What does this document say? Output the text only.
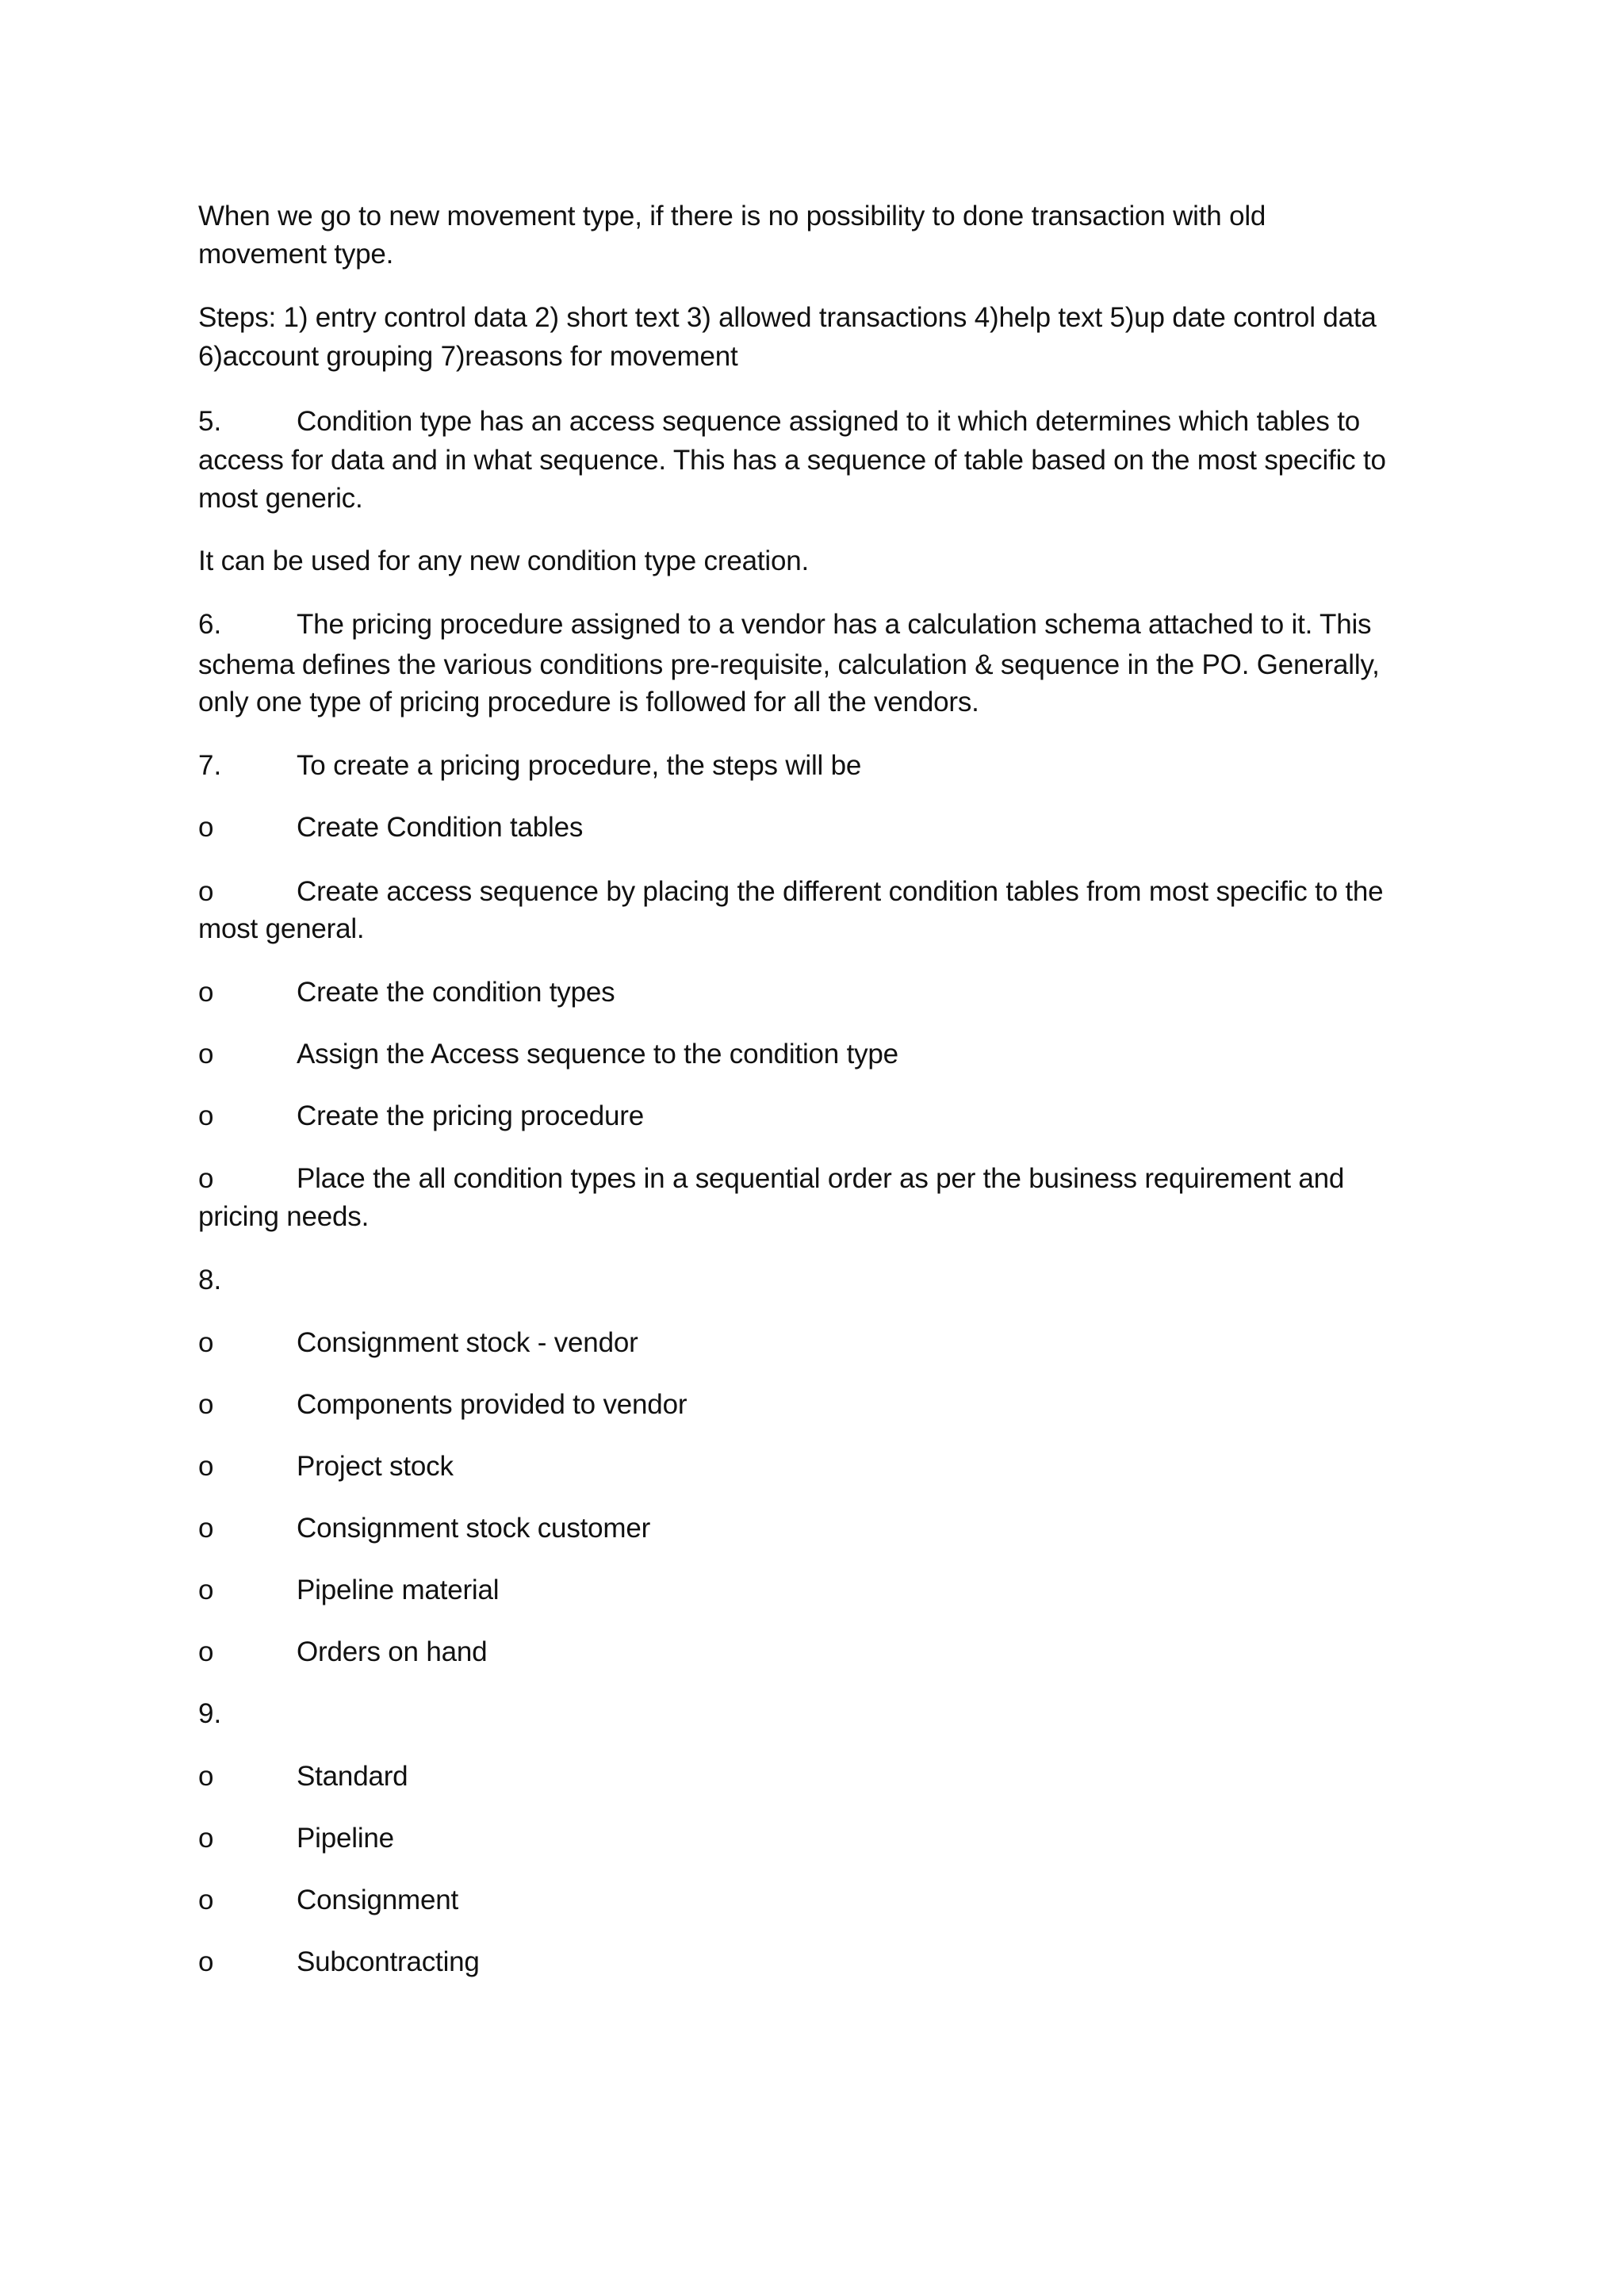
When we go to new movement type, if there is no possibility to done transaction with old

movement type.

Steps: 1) entry control data 2) short text 3) allowed transactions 4)help text 5)up date control data

6)account grouping 7)reasons for movement

5.	Condition type has an access sequence assigned to it which determines which tables to

access for data and in what sequence. This has a sequence of table based on the most specific to

most generic.

It can be used for any new condition type creation.

6.	The pricing procedure assigned to a vendor has a calculation schema attached to it. This

schema defines the various conditions pre-requisite, calculation & sequence in the PO. Generally,

only one type of pricing procedure is followed for all the vendors.

7.	To create a pricing procedure, the steps will be
o	Create Condition tables
o	Create access sequence by placing the different condition tables from most specific to the

most general.

o	Create the condition types
o	Assign the Access sequence to the condition type
o	Create the pricing procedure
o	Place the all condition types in a sequential order as per the business requirement and

pricing needs.

8.
o	Consignment stock - vendor
o	Components provided to vendor
o	Project stock
o	Consignment stock customer
o	Pipeline material
o	Orders on hand
9.
o	Standard
o	Pipeline
o	Consignment
o	Subcontracting
